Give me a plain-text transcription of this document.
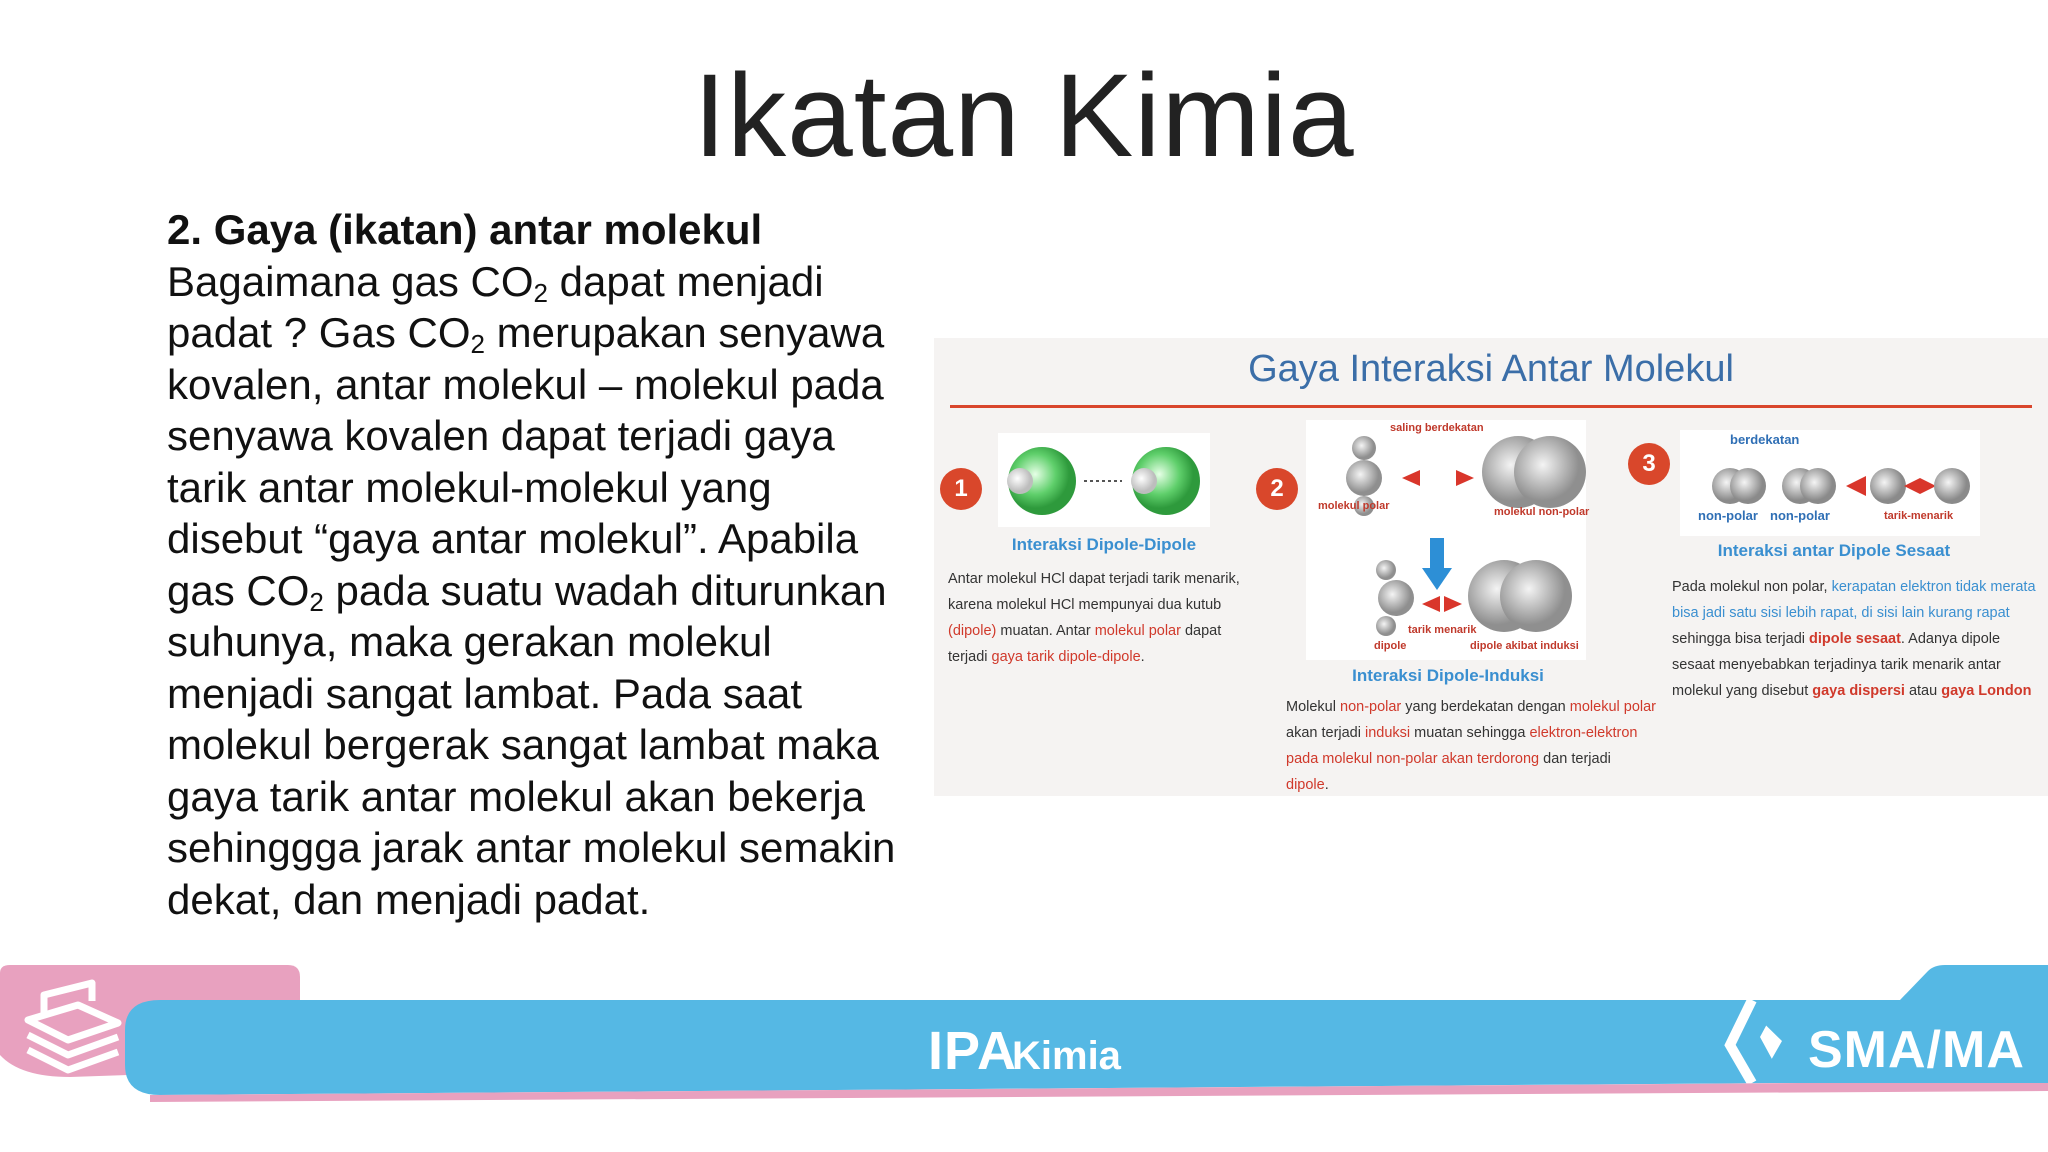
Ikatan Kimia
2. Gaya (ikatan) antar molekul
Bagaimana gas $CO_2$ dapat menjadi padat ? Gas $CO_2$ merupakan senyawa kovalen, antar molekul – molekul pada senyawa kovalen dapat terjadi gaya tarik antar molekul-molekul yang disebut “gaya antar molekul”. Apabila gas $CO_2$ pada suatu wadah diturunkan suhunya, maka gerakan molekul menjadi sangat lambat. Pada saat molekul bergerak sangat lambat maka gaya tarik antar molekul akan bekerja sehinggga jarak antar molekul semakin dekat, dan menjadi padat.
Gaya Interaksi Antar Molekul
1
Interaksi Dipole-Dipole
Antar molekul HCl dapat terjadi tarik menarik, karena molekul HCl mempunyai dua kutub (dipole) muatan. Antar molekul polar dapat terjadi gaya tarik dipole-dipole.
2
saling berdekatan
molekul polar	molekul non-polar
tarik menarik
dipole	dipole akibat induksi
Interaksi Dipole-Induksi
Molekul non-polar yang berdekatan dengan molekul polar akan terjadi induksi muatan sehingga elektron-elektron pada molekul non-polar akan terdorong dan terjadi dipole.
3
berdekatan
non-polar non-polar	tarik-menarik
Interaksi antar Dipole Sesaat
Pada molekul non polar, kerapatan elektron tidak merata bisa jadi satu sisi lebih rapat, di sisi lain kurang rapat sehingga bisa terjadi dipole sesaat. Adanya dipole sesaat menyebabkan terjadinya tarik menarik antar molekul yang disebut gaya dispersi atau gaya London
IPA
Kimia	SMA/MA
